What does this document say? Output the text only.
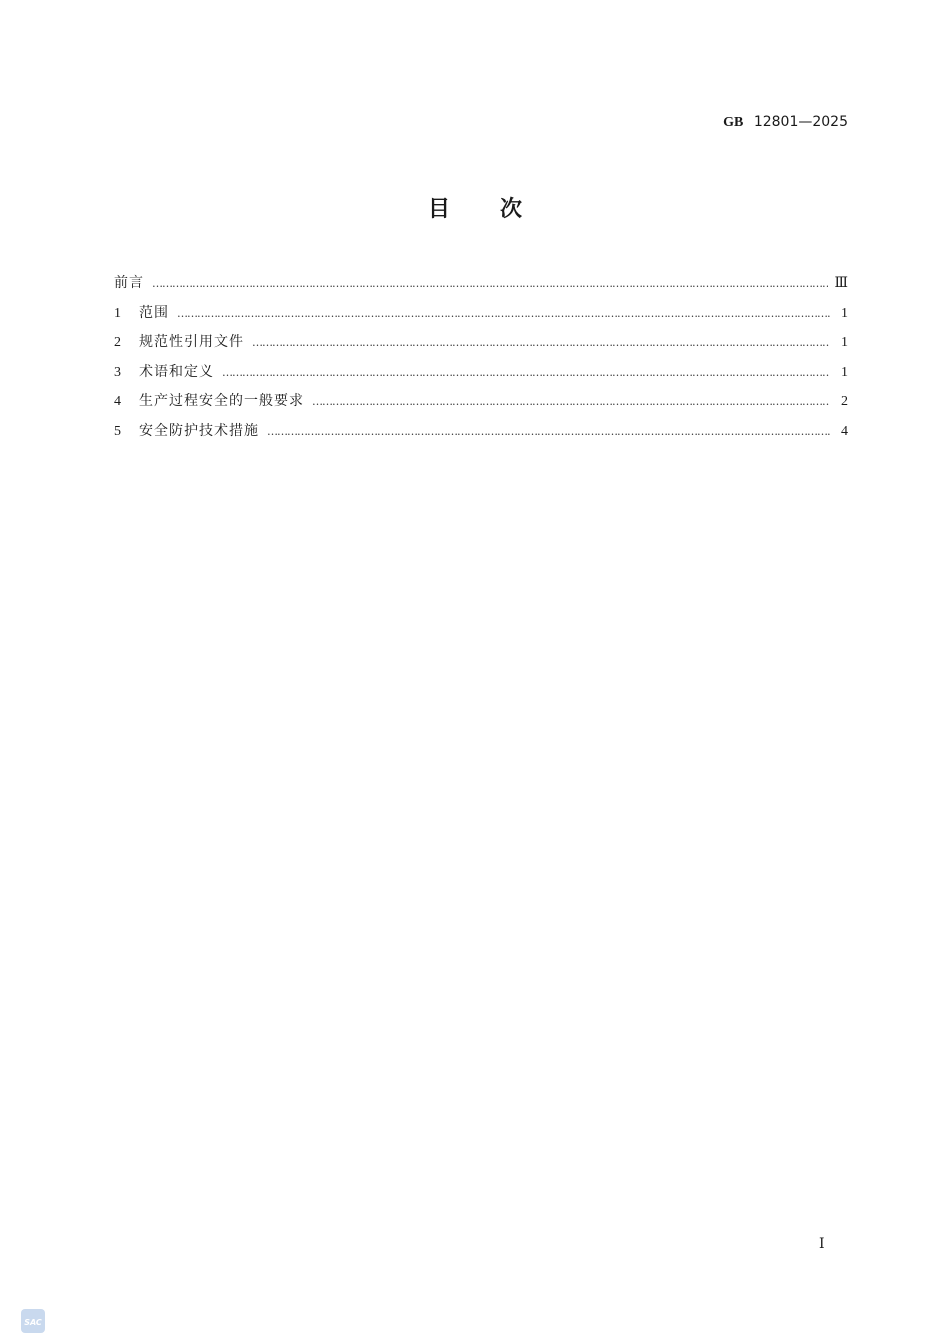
GB 12801—2025
目次
前言 ……………………………………………………………………………………………………………………………………………………………………………………………………	Ⅲ
1	范围 ……………………………………………………………………………………………………………………………………………………………………………………………………	1
2	规范性引用文件 ……………………………………………………………………………………………………………………………………………………………………………………………………	1
3	术语和定义 ……………………………………………………………………………………………………………………………………………………………………………………………………	1
4	生产过程安全的一般要求 ……………………………………………………………………………………………………………………………………………………………………………………………………	2
5	安全防护技术措施 ……………………………………………………………………………………………………………………………………………………………………………………………………	4
Ⅰ
SAC
